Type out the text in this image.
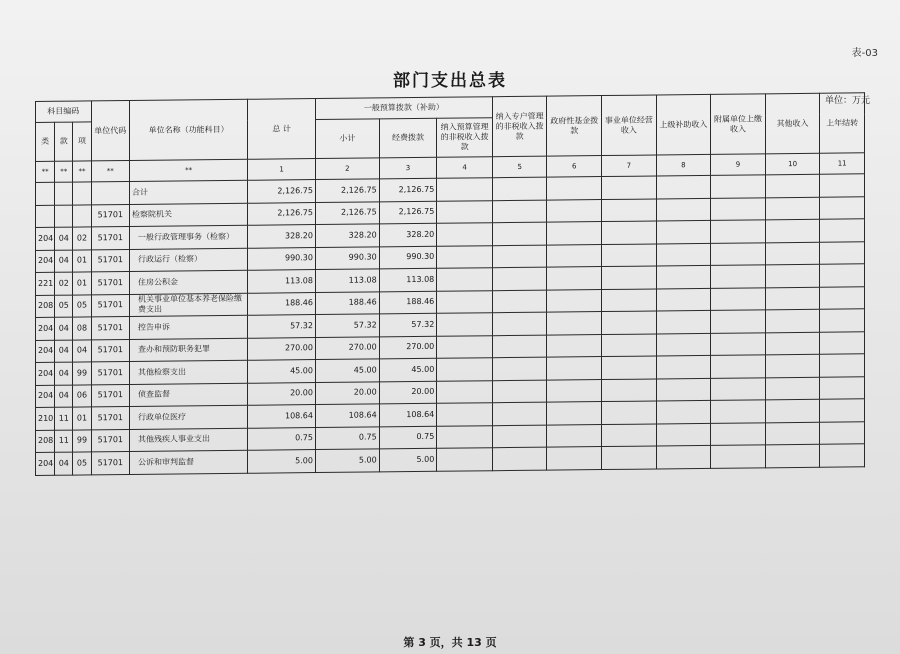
表-03
部门支出总表
单位：万元
科目编码			单位代码	单位名称（功能科目）	总 计	一般预算拨款（补助）			纳入专户管理的非税收入拨款	政府性基金拨款	事业单位经营收入	上级补助收入	附属单位上缴收入	其他收入	上年结转
类	款	项				小计	经费拨款	纳入预算管理的非税收入拨款							
**	**	**	**	**	1	2	3	4	5	6	7	8	9	10	11
				合计	2,126.75	2,126.75	2,126.75								
			51701	检察院机关	2,126.75	2,126.75	2,126.75								
204	04	02	51701	一般行政管理事务（检察）	328.20	328.20	328.20								
204	04	01	51701	行政运行（检察）	990.30	990.30	990.30								
221	02	01	51701	住房公积金	113.08	113.08	113.08								
208	05	05	51701	机关事业单位基本养老保险缴费支出	188.46	188.46	188.46								
204	04	08	51701	控告申诉	57.32	57.32	57.32								
204	04	04	51701	查办和预防职务犯罪	270.00	270.00	270.00								
204	04	99	51701	其他检察支出	45.00	45.00	45.00								
204	04	06	51701	侦查监督	20.00	20.00	20.00								
210	11	01	51701	行政单位医疗	108.64	108.64	108.64								
208	11	99	51701	其他残疾人事业支出	0.75	0.75	0.75								
204	04	05	51701	公诉和审判监督	5.00	5.00	5.00								
第 3 页，共 13 页
